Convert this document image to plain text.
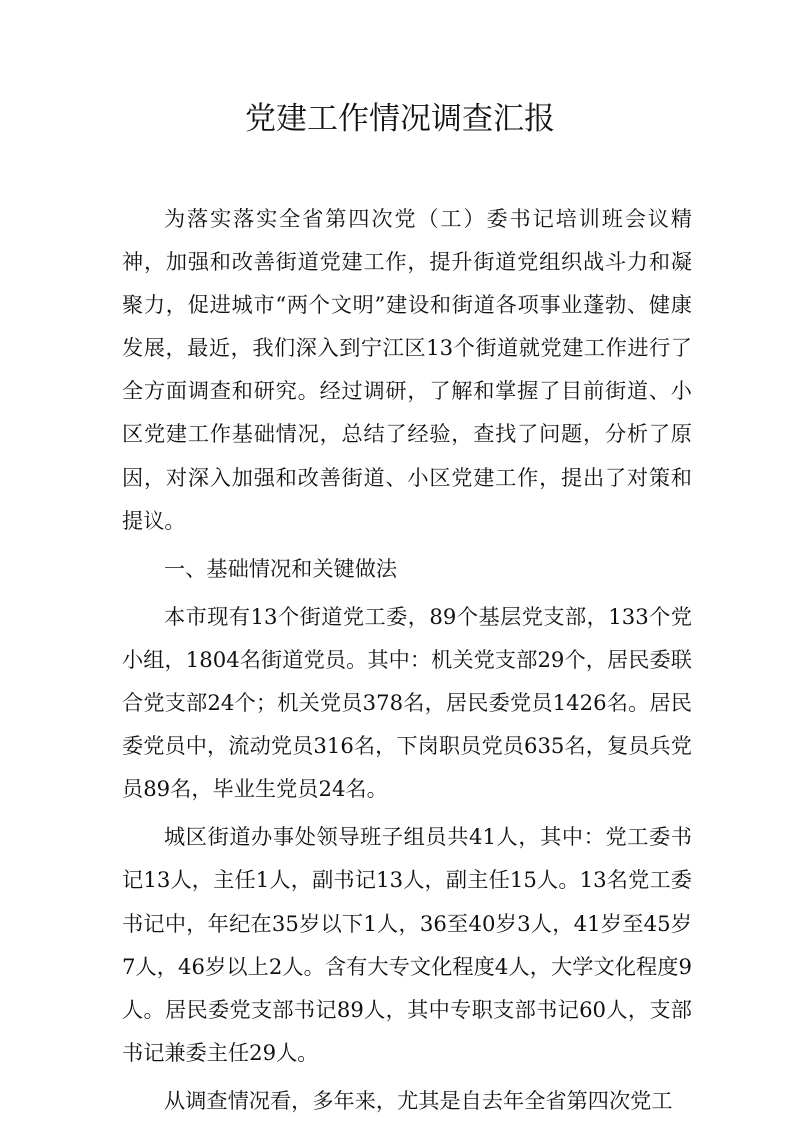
党建工作情况调查汇报

为落实落实全省第四次党（工）委书记培训班会议精神，加强和改善街道党建工作，提升街道党组织战斗力和凝聚力，促进城市“两个文明”建设和街道各项事业蓬勃、健康发展，最近，我们深入到宁江区13个街道就党建工作进行了全方面调查和研究。经过调研，了解和掌握了目前街道、小区党建工作基础情况，总结了经验，查找了问题，分析了原因，对深入加强和改善街道、小区党建工作，提出了对策和提议。

一、基础情况和关键做法

本市现有13个街道党工委，89个基层党支部，133个党小组，1804名街道党员。其中：机关党支部29个，居民委联合党支部24个；机关党员378名，居民委党员1426名。居民委党员中，流动党员316名，下岗职员党员635名，复员兵党员89名，毕业生党员24名。

城区街道办事处领导班子组员共41人，其中：党工委书记13人，主任1人，副书记13人，副主任15人。13名党工委书记中，年纪在35岁以下1人，36至40岁3人，41岁至45岁7人，46岁以上2人。含有大专文化程度4人，大学文化程度9人。居民委党支部书记89人，其中专职支部书记60人，支部书记兼委主任29人。

从调查情况看，多年来，尤其是自去年全省第四次党工
